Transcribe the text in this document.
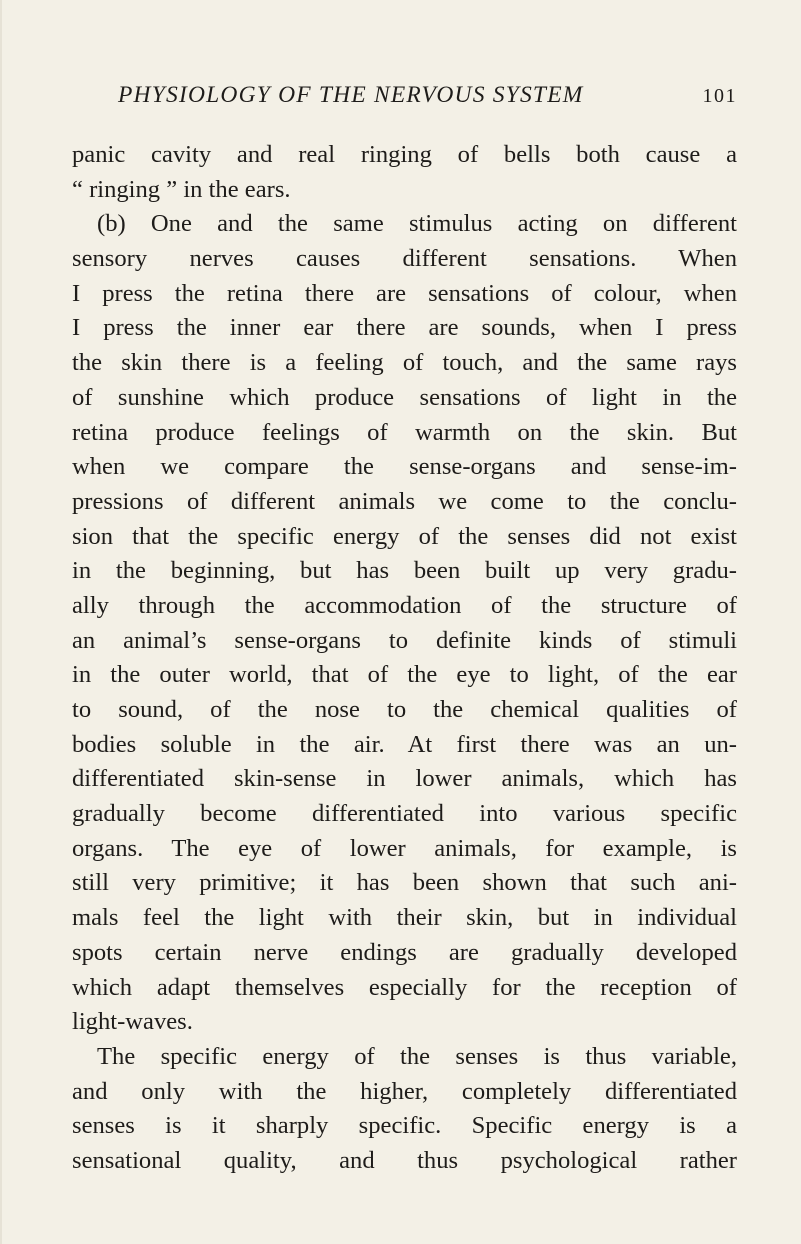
PHYSIOLOGY OF THE NERVOUS SYSTEM	101
panic cavity and real ringing of bells both cause a
“ ringing ” in the ears.
(b) One and the same stimulus acting on different
sensory nerves causes different sensations. When
I press the retina there are sensations of colour, when
I press the inner ear there are sounds, when I press
the skin there is a feeling of touch, and the same rays
of sunshine which produce sensations of light in the
retina produce feelings of warmth on the skin. But
when we compare the sense-organs and sense-im-
pressions of different animals we come to the conclu-
sion that the specific energy of the senses did not exist
in the beginning, but has been built up very gradu-
ally through the accommodation of the structure of
an animal’s sense-organs to definite kinds of stimuli
in the outer world, that of the eye to light, of the ear
to sound, of the nose to the chemical qualities of
bodies soluble in the air. At first there was an un-
differentiated skin-sense in lower animals, which has
gradually become differentiated into various specific
organs. The eye of lower animals, for example, is
still very primitive; it has been shown that such ani-
mals feel the light with their skin, but in individual
spots certain nerve endings are gradually developed
which adapt themselves especially for the reception of
light-waves.
The specific energy of the senses is thus variable,
and only with the higher, completely differentiated
senses is it sharply specific. Specific energy is a
sensational quality, and thus psychological rather
